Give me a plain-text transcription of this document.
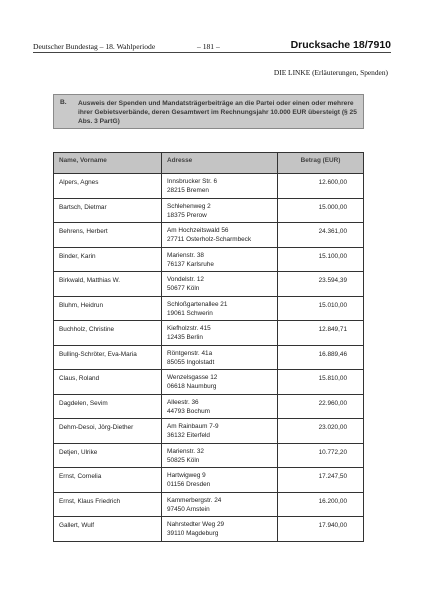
Deutscher Bundestag – 18. Wahlperiode	– 181 –	Drucksache 18/7910
DIE LINKE (Erläuterungen, Spenden)
B. Ausweis der Spenden und Mandatsträgerbeiträge an die Partei oder einen oder mehrere ihrer Gebietsverbände, deren Gesamtwert im Rechnungsjahr 10.000 EUR übersteigt (§ 25 Abs. 3 PartG)
Name, Vorname	Adresse	Betrag (EUR)

Alpers, Agnes	Innsbrucker Str. 6
28215 Bremen	12.600,00

Bartsch, Dietmar	Schlehenweg 2
18375 Prerow	15.000,00

Behrens, Herbert	Am Hochzeitswald 56
27711 Osterholz-Scharmbeck	24.361,00

Binder, Karin	Marienstr. 38
76137 Karlsruhe	15.100,00

Birkwald, Matthias W.	Vondelstr. 12
50677 Köln	23.594,39

Bluhm, Heidrun	Schloßgartenallee 21
19061 Schwerin	15.010,00

Buchholz, Christine	Kiefholzstr. 415
12435 Berlin	12.849,71

Bulling-Schröter, Eva-Maria	Röntgenstr. 41a
85055 Ingolstadt	16.889,46

Claus, Roland	Wenzelsgasse 12
06618 Naumburg	15.810,00

Dagdelen, Sevim	Alleestr. 36
44793 Bochum	22.960,00

Dehm-Desoi, Jörg-Diether	Am Rainbaum 7-9
36132 Eiterfeld	23.020,00

Detjen, Ulrike	Marienstr. 32
50825 Köln	10.772,20

Ernst, Cornelia	Hartwigweg 9
01156 Dresden	17.247,50

Ernst, Klaus Friedrich	Kammerbergstr. 24
97450 Arnstein	16.200,00

Gallert, Wulf	Nahrstedter Weg 29
39110 Magdeburg	17.940,00
